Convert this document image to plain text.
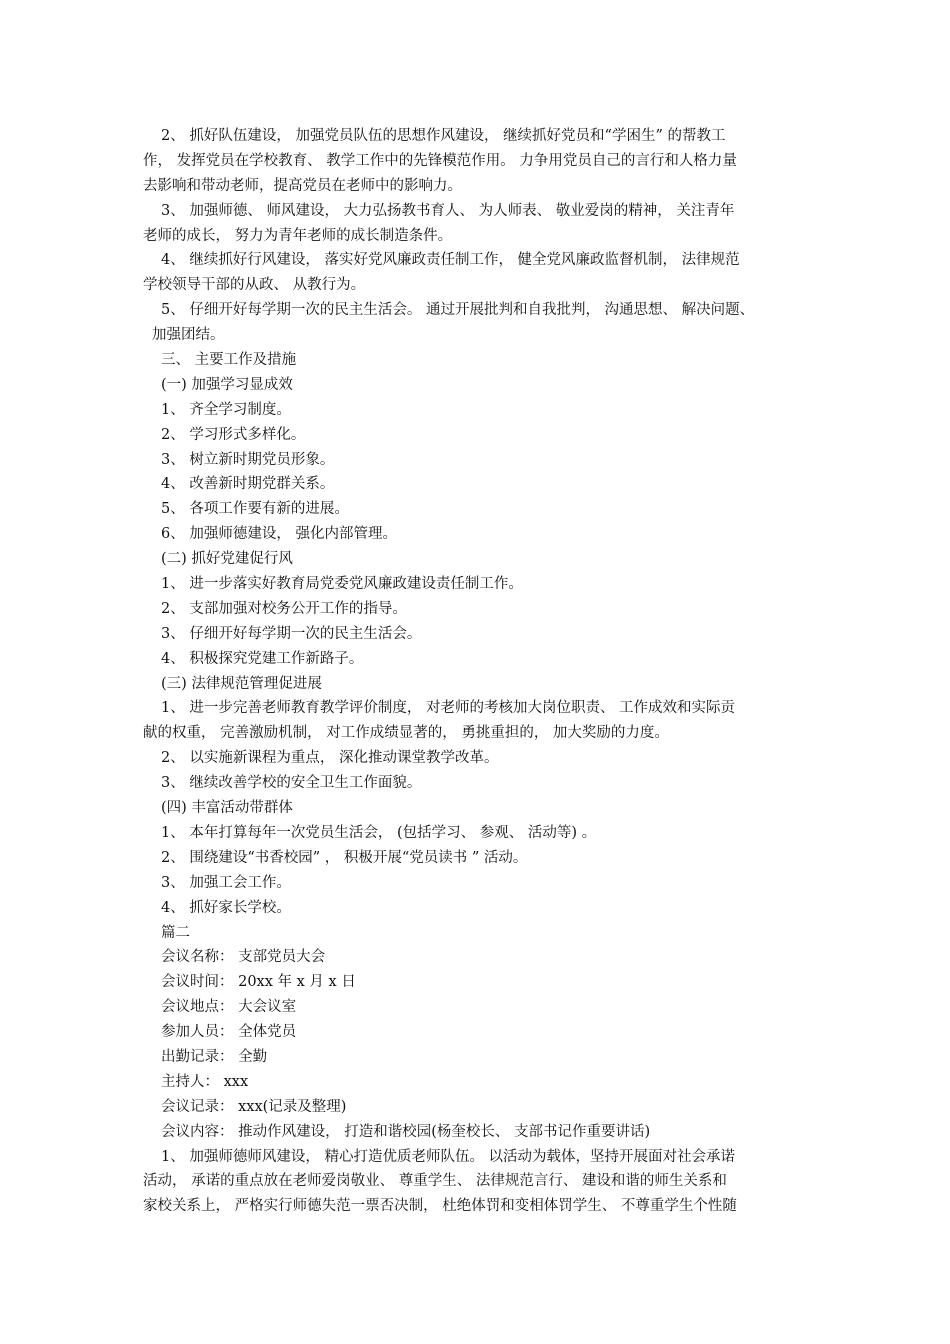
2、 抓好队伍建设， 加强党员队伍的思想作风建设， 继续抓好党员和“学困生” 的帮教工
作， 发挥党员在学校教育、 教学工作中的先锋模范作用。 力争用党员自己的言行和人格力量
去影响和带动老师，提高党员在老师中的影响力。
3、 加强师德、 师风建设， 大力弘扬教书育人、 为人师表、 敬业爱岗的精神， 关注青年
老师的成长， 努力为青年老师的成长制造条件。
4、 继续抓好行风建设， 落实好党风廉政责任制工作， 健全党风廉政监督机制， 法律规范
学校领导干部的从政、 从教行为。
5、 仔细开好每学期一次的民主生活会。 通过开展批判和自我批判， 沟通思想、 解决问题、
加强团结。
三、 主要工作及措施
(一) 加强学习显成效
1、 齐全学习制度。
2、 学习形式多样化。
3、 树立新时期党员形象。
4、 改善新时期党群关系。
5、 各项工作要有新的进展。
6、 加强师德建设， 强化内部管理。
(二) 抓好党建促行风
1、 进一步落实好教育局党委党风廉政建设责任制工作。
2、 支部加强对校务公开工作的指导。
3、 仔细开好每学期一次的民主生活会。
4、 积极探究党建工作新路子。
(三) 法律规范管理促进展
1、 进一步完善老师教育教学评价制度， 对老师的考核加大岗位职责、 工作成效和实际贡
献的权重， 完善激励机制， 对工作成绩显著的， 勇挑重担的， 加大奖励的力度。
2、 以实施新课程为重点， 深化推动课堂教学改革。
3、 继续改善学校的安全卫生工作面貌。
(四) 丰富活动带群体
1、 本年打算每年一次党员生活会， (包括学习、 参观、 活动等) 。
2、 围绕建设“书香校园” ， 积极开展“党员读书 ” 活动。
3、 加强工会工作。
4、 抓好家长学校。
篇二
会议名称： 支部党员大会
会议时间： 20xx 年 x 月 x 日
会议地点： 大会议室
参加人员： 全体党员
出勤记录： 全勤
主持人： xxx
会议记录： xxx(记录及整理)
会议内容： 推动作风建设， 打造和谐校园(杨奎校长、 支部书记作重要讲话)
1、 加强师德师风建设， 精心打造优质老师队伍。 以活动为载体，坚持开展面对社会承诺
活动， 承诺的重点放在老师爱岗敬业、 尊重学生、 法律规范言行、 建设和谐的师生关系和
家校关系上， 严格实行师德失范一票否决制， 杜绝体罚和变相体罚学生、 不尊重学生个性随
